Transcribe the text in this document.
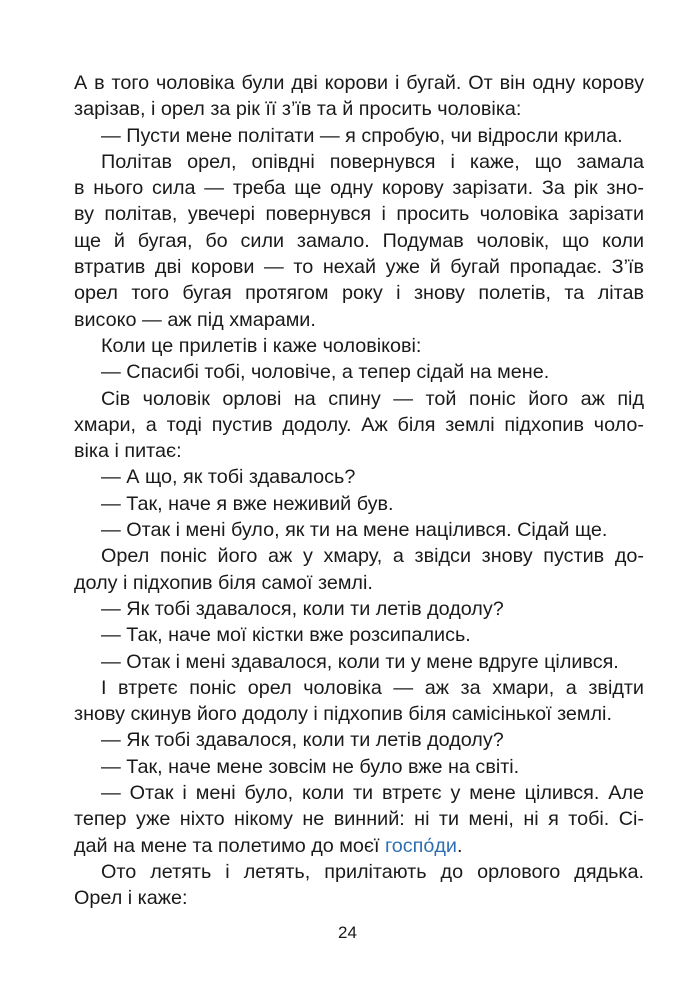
А в того чоловіка були дві корови і бугай. От він одну корову
зарізав, і орел за рік її з’їв та й просить чоловіка:
— Пусти мене політати — я спробую, чи відросли крила.
Політав орел, опівдні повернувся і каже, що замала
в нього сила — треба ще одну корову зарізати. За рік зно-
ву політав, увечері повернувся і просить чоловіка зарізати
ще й бугая, бо сили замало. Подумав чоловік, що коли
втратив дві корови — то нехай уже й бугай пропадає. З’їв
орел того бугая протягом року і знову полетів, та літав
високо — аж під хмарами.
Коли це прилетів і каже чоловікові:
— Спасибі тобі, чоловіче, а тепер сідай на мене.
Сів чоловік орлові на спину — той поніс його аж під
хмари, а тоді пустив додолу. Аж біля землі підхопив чоло-
віка і питає:
— А що, як тобі здавалось?
— Так, наче я вже неживий був.
— Отак і мені було, як ти на мене націлився. Сідай ще.
Орел поніс його аж у хмару, а звідси знову пустив до-
долу і підхопив біля самої землі.
— Як тобі здавалося, коли ти летів додолу?
— Так, наче мої кістки вже розсипались.
— Отак і мені здавалося, коли ти у мене вдруге цілився.
І втретє поніс орел чоловіка — аж за хмари, а звідти
знову скинув його додолу і підхопив біля самісінької землі.
— Як тобі здавалося, коли ти летів додолу?
— Так, наче мене зовсім не було вже на світі.
— Отак і мені було, коли ти втретє у мене цілився. Але
тепер уже ніхто нікому не винний: ні ти мені, ні я тобі. Сі-
дай на мене та полетимо до моєї госпо́ди.
Ото летять і летять, прилітають до орлового дядька.
Орел і каже:
24
